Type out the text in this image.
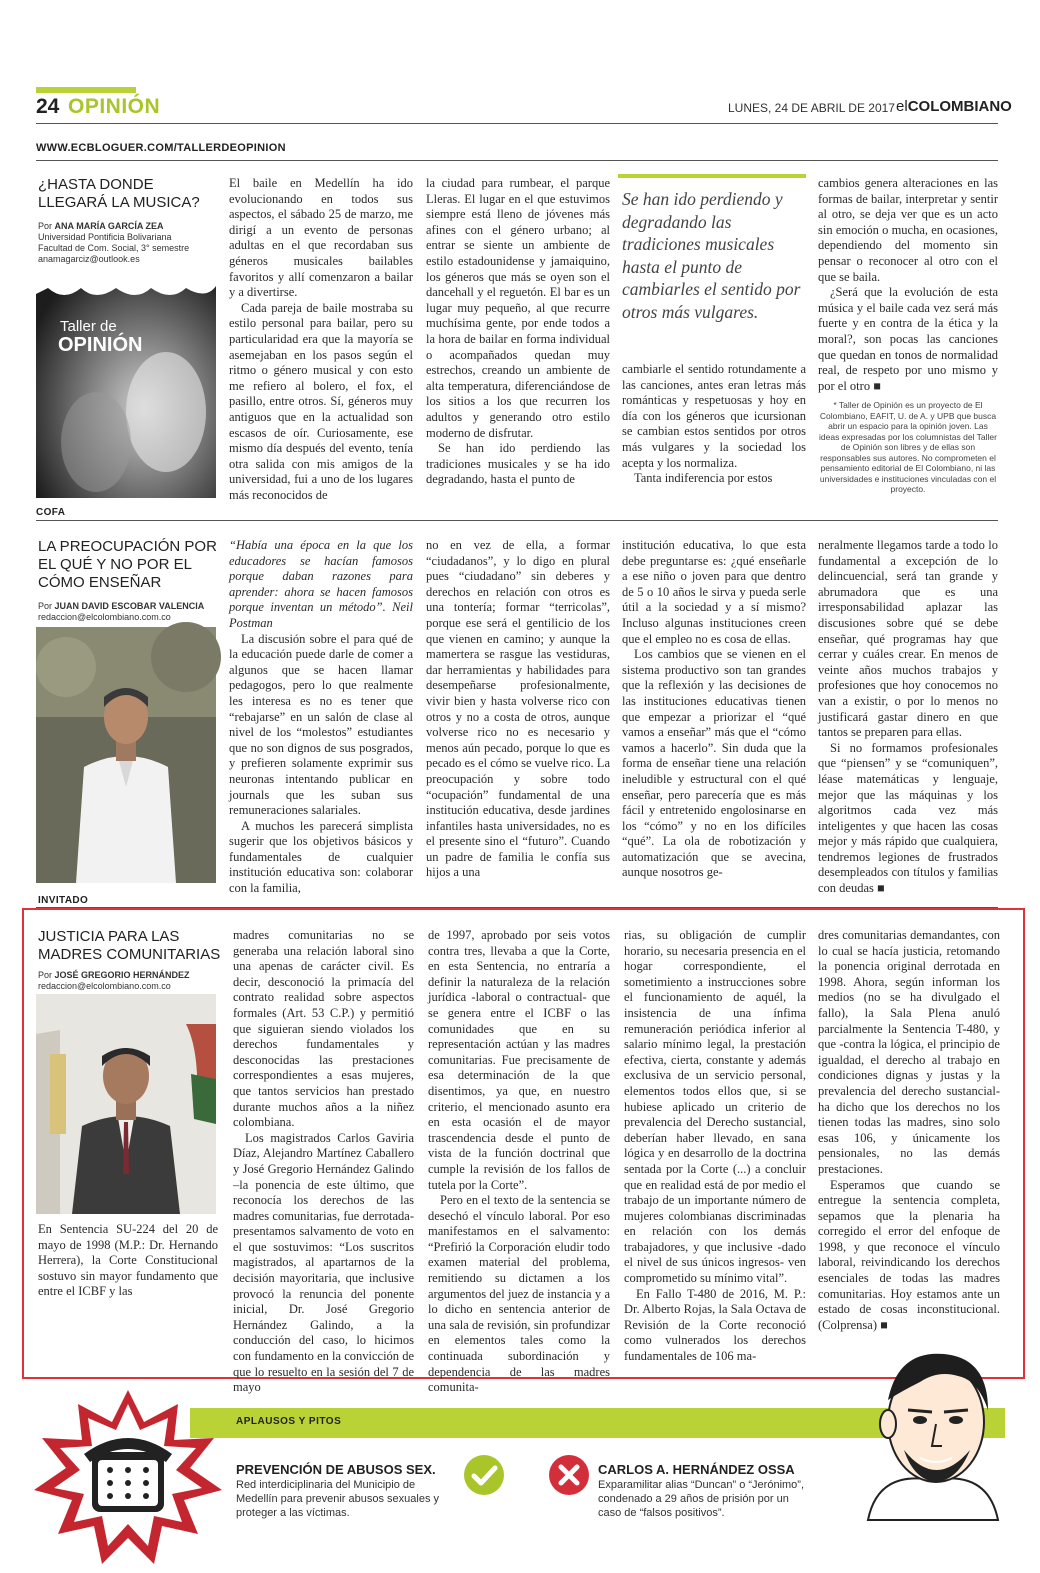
24 OPINIÓN	LUNES, 24 DE ABRIL DE 2017 elCOLOMBIANO
WWW.ECBLOGUER.COM/TALLERDEOPINION
¿HASTA DONDE LLEGARÁ LA MUSICA?
Por ANA MARÍA GARCÍA ZEA
Universidad Pontificia Bolivariana
Facultad de Com. Social, 3° semestre
anamagarciz@outlook.es
Taller de
OPINIÓN

El baile en Medellín ha ido evolucionando en todos sus aspectos, el sábado 25 de marzo, me dirigí a un evento de personas adultas en el que recordaban sus géneros musicales bailables favoritos y allí comenzaron a bailar y a divertirse.

Cada pareja de baile mostraba su estilo personal para bailar, pero su particularidad era que la mayoría se asemejaban en los pasos según el ritmo o género musical y con esto me refiero al bolero, el fox, el pasillo, entre otros. Sí, géneros muy antiguos que en la actualidad son escasos de oír. Curiosamente, ese mismo día después del evento, tenía otra salida con mis amigos de la universidad, fui a uno de los lugares más reconocidos de

la ciudad para rumbear, el parque Lleras. El lugar en el que estuvimos siempre está lleno de jóvenes más afines con el género urbano; al entrar se siente un ambiente de estilo estadounidense y jamaiquino, los géneros que más se oyen son el dancehall y el reguetón. El bar es un lugar muy pequeño, al que recurre muchísima gente, por ende todos a la hora de bailar en forma individual o acompañados quedan muy estrechos, creando un ambiente de alta temperatura, diferenciándose de los sitios a los que recurren los adultos y generando otro estilo moderno de disfrutar.

Se han ido perdiendo las tradiciones musicales y se ha ido degradando, hasta el punto de

Se han ido perdiendo y degradando las tradiciones musicales hasta el punto de cambiarles el sentido por otros más vulgares.

cambiarle el sentido rotundamente a las canciones, antes eran letras más románticas y respetuosas y hoy en día con los géneros que icursionan se cambian estos sentidos por otros más vulgares y la sociedad los acepta y los normaliza.

Tanta indiferencia por estos

cambios genera alteraciones en las formas de bailar, interpretar y sentir al otro, se deja ver que es un acto sin emoción o mucha, en ocasiones, dependiendo del momento sin pensar o reconocer al otro con el que se baila.

¿Será que la evolución de esta música y el baile cada vez será más fuerte y en contra de la ética y la moral?, son pocas las canciones que quedan en tonos de normalidad real, de respeto por uno mismo y por el otro ■

* Taller de Opinión es un proyecto de El Colombiano, EAFIT, U. de A. y UPB que busca abrir un espacio para la opinión joven. Las ideas expresadas por los columnistas del Taller de Opinión son libres y de ellas son responsables sus autores. No comprometen el pensamiento editorial de El Colombiano, ni las universidades e instituciones vinculadas con el proyecto.

COFA
LA PREOCUPACIÓN POR EL QUÉ Y NO POR EL CÓMO ENSEÑAR
Por JUAN DAVID ESCOBAR VALENCIA
redaccion@elcolombiano.com.co

“Había una época en la que los educadores se hacían famosos porque daban razones para aprender: ahora se hacen famosos porque inventan un método”. Neil Postman

La discusión sobre el para qué de la educación puede darle de comer a algunos que se hacen llamar pedagogos, pero lo que realmente les interesa es no es tener que “rebajarse” en un salón de clase al nivel de los “molestos” estudiantes que no son dignos de sus posgrados, y prefieren solamente exprimir sus neuronas intentando publicar en journals que les suban sus remuneraciones salariales.

A muchos les parecerá simplista sugerir que los objetivos básicos y fundamentales de cualquier institución educativa son: colaborar con la familia,

no en vez de ella, a formar “ciudadanos”, y lo digo en plural pues “ciudadano” sin deberes y derechos en relación con otros es una tontería; formar “terricolas”, porque ese será el gentilicio de los que vienen en camino; y aunque la mamertera se rasgue las vestiduras, dar herramientas y habilidades para desempeñarse profesionalmente, vivir bien y hasta volverse rico con otros y no a costa de otros, aunque volverse rico no es necesario y menos aún pecado, porque lo que es pecado es el cómo se vuelve rico. La preocupación y sobre todo “ocupación” fundamental de una institución educativa, desde jardines infantiles hasta universidades, no es el presente sino el “futuro”. Cuando un padre de familia le confía sus hijos a una

institución educativa, lo que esta debe preguntarse es: ¿qué enseñarle a ese niño o joven para que dentro de 5 o 10 años le sirva y pueda serle útil a la sociedad y a sí mismo? Incluso algunas instituciones creen que el empleo no es cosa de ellas.

Los cambios que se vienen en el sistema productivo son tan grandes que la reflexión y las decisiones de las instituciones educativas tienen que empezar a priorizar el “qué vamos a enseñar” más que el “cómo vamos a hacerlo”. Sin duda que la forma de enseñar tiene una relación ineludible y estructural con el qué enseñar, pero parecería que es más fácil y entretenido engolosinarse en los “cómo” y no en los difíciles “qué”. La ola de robotización y automatización que se avecina, aunque nosotros ge-

neralmente llegamos tarde a todo lo fundamental a excepción de lo delincuencial, será tan grande y abrumadora que es una irresponsabilidad aplazar las discusiones sobre qué se debe enseñar, qué programas hay que cerrar y cuáles crear. En menos de veinte años muchos trabajos y profesiones que hoy conocemos no van a existir, o por lo menos no justificará gastar dinero en que tantos se preparen para ellas.

Si no formamos profesionales que “piensen” y se “comuniquen”, léase matemáticas y lenguaje, mejor que las máquinas y los algoritmos cada vez más inteligentes y que hacen las cosas mejor y más rápido que cualquiera, tendremos legiones de frustrados desempleados con títulos y familias con deudas ■

INVITADO
JUSTICIA PARA LAS MADRES COMUNITARIAS
Por JOSÉ GREGORIO HERNÁNDEZ
redaccion@elcolombiano.com.co

En Sentencia SU-224 del 20 de mayo de 1998 (M.P.: Dr. Hernando Herrera), la Corte Constitucional sostuvo sin mayor fundamento que entre el ICBF y las

madres comunitarias no se generaba una relación laboral sino una apenas de carácter civil. Es decir, desconoció la primacía del contrato realidad sobre aspectos formales (Art. 53 C.P.) y permitió que siguieran siendo violados los derechos fundamentales y desconocidas las prestaciones correspondientes a esas mujeres, que tantos servicios han prestado durante muchos años a la niñez colombiana.

Los magistrados Carlos Gaviria Díaz, Alejandro Martínez Caballero y José Gregorio Hernández Galindo –la ponencia de este último, que reconocía los derechos de las madres comunitarias, fue derrotada- presentamos salvamento de voto en el que sostuvimos: “Los suscritos magistrados, al apartarnos de la decisión mayoritaria, que inclusive provocó la renuncia del ponente inicial, Dr. José Gregorio Hernández Galindo, a la conducción del caso, lo hicimos con fundamento en la convicción de que lo resuelto en la sesión del 7 de mayo

de 1997, aprobado por seis votos contra tres, llevaba a que la Corte, en esta Sentencia, no entraría a definir la naturaleza de la relación jurídica -laboral o contractual- que se genera entre el ICBF o las comunidades que en su representación actúan y las madres comunitarias. Fue precisamente de esa determinación de la que disentimos, ya que, en nuestro criterio, el mencionado asunto era en esta ocasión el de mayor trascendencia desde el punto de vista de la función doctrinal que cumple la revisión de los fallos de tutela por la Corte”.

Pero en el texto de la sentencia se desechó el vínculo laboral. Por eso manifestamos en el salvamento: “Prefirió la Corporación eludir todo examen material del problema, remitiendo su dictamen a los argumentos del juez de instancia y a lo dicho en sentencia anterior de una sala de revisión, sin profundizar en elementos tales como la continuada subordinación y dependencia de las madres comunita-

rias, su obligación de cumplir horario, su necesaria presencia en el hogar correspondiente, el sometimiento a instrucciones sobre el funcionamiento de aquél, la insistencia de una ínfima remuneración periódica inferior al salario mínimo legal, la prestación efectiva, cierta, constante y además exclusiva de un servicio personal, elementos todos ellos que, si se hubiese aplicado un criterio de prevalencia del Derecho sustancial, deberían haber llevado, en sana lógica y en desarrollo de la doctrina sentada por la Corte (...) a concluir que en realidad está de por medio el trabajo de un importante número de mujeres colombianas discriminadas en relación con los demás trabajadores, y que inclusive -dado el nivel de sus únicos ingresos- ven comprometido su mínimo vital”.

En Fallo T-480 de 2016, M. P.: Dr. Alberto Rojas, la Sala Octava de Revisión de la Corte reconoció como vulnerados los derechos fundamentales de 106 ma-

dres comunitarias demandantes, con lo cual se hacía justicia, retomando la ponencia original derrotada en 1998. Ahora, según informan los medios (no se ha divulgado el fallo), la Sala Plena anuló parcialmente la Sentencia T-480, y que -contra la lógica, el principio de igualdad, el derecho al trabajo en condiciones dignas y justas y la prevalencia del derecho sustancial- ha dicho que los derechos no los tienen todas las madres, sino solo esas 106, y únicamente los pensionales, no las demás prestaciones.

Esperamos que cuando se entregue la sentencia completa, sepamos que la plenaria ha corregido el error del enfoque de 1998, y que reconoce el vínculo laboral, reivindicando los derechos esenciales de todas las madres comunitarias. Hoy estamos ante un estado de cosas inconstitucional. (Colprensa) ■

APLAUSOS Y PITOS
PREVENCIÓN DE ABUSOS SEX.
Red interdiciplinaria del Municipio de Medellín para prevenir abusos sexuales y proteger a las víctimas.
CARLOS A. HERNÁNDEZ OSSA
Exparamilitar alias “Duncan” o “Jerónimo”, condenado a 29 años de prisión por un caso de “falsos positivos”.
